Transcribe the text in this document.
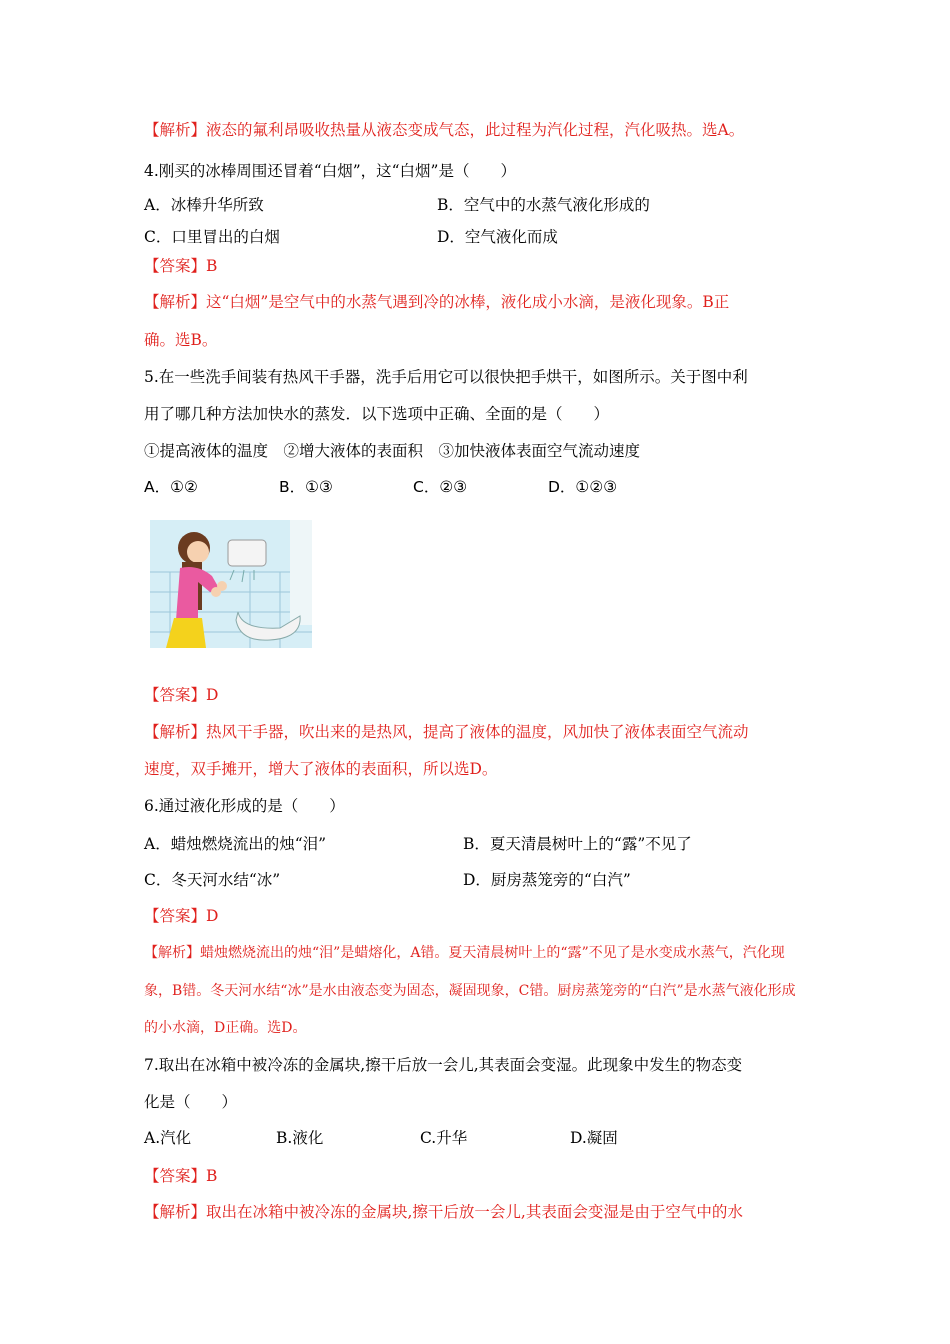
【解析】液态的氟利昂吸收热量从液态变成气态，此过程为汽化过程，汽化吸热。选A。
4.刚买的冰棒周围还冒着“白烟”，这“白烟”是（　　）
A．冰棒升华所致	B．空气中的水蒸气液化形成的
C．口里冒出的白烟	D．空气液化而成
【答案】B
【解析】这“白烟”是空气中的水蒸气遇到冷的冰棒，液化成小水滴，是液化现象。B正
确。选B。
5.在一些洗手间装有热风干手器，洗手后用它可以很快把手烘干，如图所示。关于图中利
用了哪几种方法加快水的蒸发．以下选项中正确、全面的是（　　）
①提高液体的温度　②增大液体的表面积　③加快液体表面空气流动速度
A．①②	B．①③	C．②③	D．①②③
【答案】D
【解析】热风干手器，吹出来的是热风，提高了液体的温度，风加快了液体表面空气流动
速度，双手摊开，增大了液体的表面积，所以选D。
6.通过液化形成的是（　　）
A．蜡烛燃烧流出的烛“泪”	B．夏天清晨树叶上的“露”不见了
C．冬天河水结“冰”	D．厨房蒸笼旁的“白汽”
【答案】D
【解析】蜡烛燃烧流出的烛“泪”是蜡熔化，A错。夏天清晨树叶上的“露”不见了是水变成水蒸气，汽化现
象，B错。冬天河水结“冰”是水由液态变为固态，凝固现象，C错。厨房蒸笼旁的“白汽”是水蒸气液化形成
的小水滴，D正确。选D。
7.取出在冰箱中被冷冻的金属块,擦干后放一会儿,其表面会变湿。此现象中发生的物态变
化是（　　）
A.汽化	B.液化	C.升华	D.凝固
【答案】B
【解析】取出在冰箱中被冷冻的金属块,擦干后放一会儿,其表面会变湿是由于空气中的水
